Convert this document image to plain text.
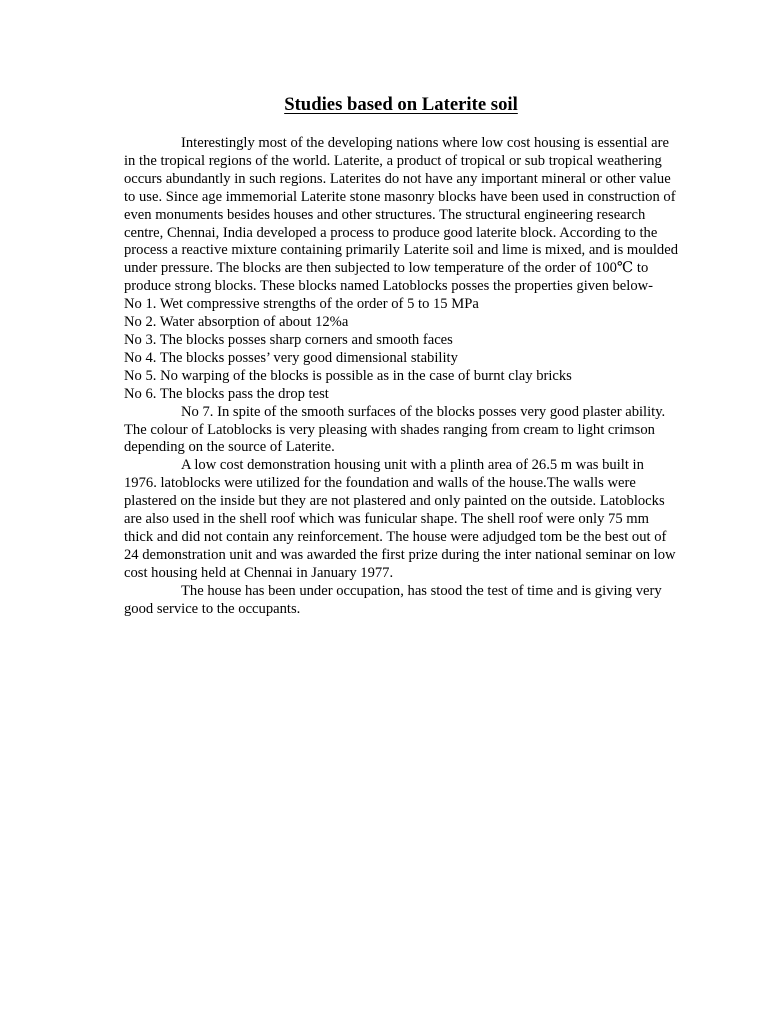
Studies based on Laterite soil

Interestingly most of the developing nations where low cost housing is essential are in the tropical regions of the world. Laterite, a product of tropical or sub tropical weathering occurs abundantly in such regions. Laterites do not have any important mineral or other value to use. Since age immemorial Laterite stone masonry blocks have been used in construction of even monuments besides houses and other structures. The structural engineering research centre, Chennai, India developed a process to produce good laterite block. According to the process a reactive mixture containing primarily Laterite soil and lime is mixed, and is moulded under pressure. The blocks are then subjected to low temperature of the order of 100℃ to produce strong blocks. These blocks named Latoblocks posses the properties given below-

No 1. Wet compressive strengths of the order of 5 to 15 MPa

No 2. Water absorption of about 12%a

No 3. The blocks posses sharp corners and smooth faces

No 4. The blocks posses’ very good dimensional stability

No 5. No warping of the blocks is possible as in the case of burnt clay bricks

No 6. The blocks pass the drop test

No 7. In spite of the smooth surfaces of the blocks posses very good plaster ability.

The colour of Latoblocks is very pleasing with shades ranging from cream to light crimson depending on the source of Laterite.

A low cost demonstration housing unit with a plinth area of 26.5 m was built in 1976. latoblocks were utilized for the foundation and walls of the house.The walls were plastered on the inside but they are not plastered and only painted on the outside. Latoblocks are also used in the shell roof which was funicular shape. The shell roof were only 75 mm thick and did not contain any reinforcement. The house were adjudged tom be the best out of 24 demonstration unit and was awarded the first prize during the inter national seminar on low cost housing held at Chennai in January 1977.

The house has been under occupation, has stood the test of time and is giving very good service to the occupants.
